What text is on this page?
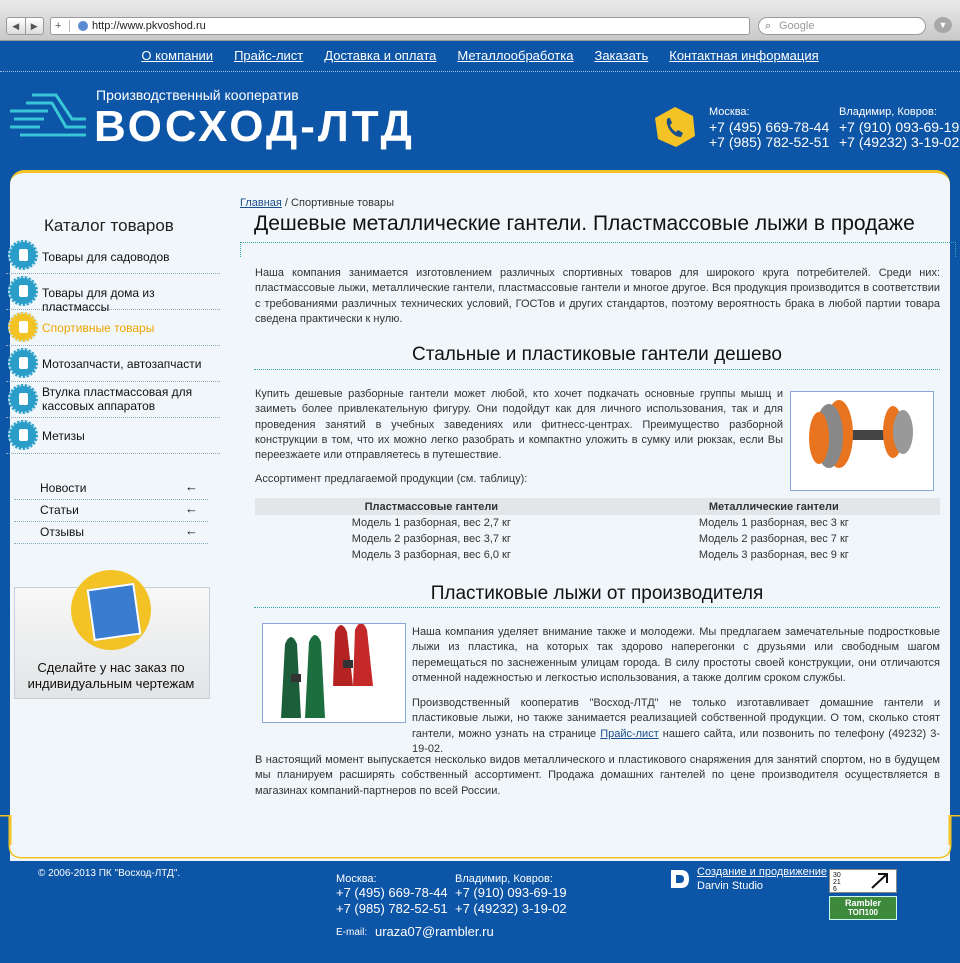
◀	▶	+	http://www.pkvoshod.ru	⌕ Google	▼
О компании Прайс-лист Доставка и оплата Металлообработка Заказать Контактная информация
Производственный кооператив
ВОСХОД-ЛТД	Москва:
+7 (495) 669-78-44
+7 (985) 782-52-51
Владимир, Ковров:
+7 (910) 093-69-19
+7 (49232) 3-19-02
Каталог товаров
Товары для садоводов
Товары для дома из пластмассы
Спортивные товары
Мотозапчасти, автозапчасти
Втулка пластмассовая для кассовых аппаратов
Метизы
Новости	←
Статьи	←
Отзывы	←
Сделайте у нас заказ по индивидуальным чертежам
Главная / Спортивные товары
Дешевые металлические гантели. Пластмассовые лыжи в продаже
Наша компания занимается изготовлением различных спортивных товаров для широкого круга потребителей. Среди них: пластмассовые лыжи, металлические гантели, пластмассовые гантели и многое другое. Вся продукция производится в соответствии с требованиями различных технических условий, ГОСТов и других стандартов, поэтому вероятность брака в любой партии товара сведена практически к нулю.
Стальные и пластиковые гантели дешево
Купить дешевые разборные гантели может любой, кто хочет подкачать основные группы мышц и заиметь более привлекательную фигуру. Они подойдут как для личного использования, так и для проведения занятий в учебных заведениях или фитнесс-центрах. Преимущество разборной конструкции в том, что их можно легко разобрать и компактно уложить в сумку или рюкзак, если Вы переезжаете или отправляетесь в путешествие.
Ассортимент предлагаемой продукции (см. таблицу):
Пластмассовые гантели	Металлические гантели
Модель 1 разборная, вес 2,7 кг	Модель 1 разборная, вес 3 кг
Модель 2 разборная, вес 3,7 кг	Модель 2 разборная, вес 7 кг
Модель 3 разборная, вес 6,0 кг	Модель 3 разборная, вес 9 кг
Пластиковые лыжи от производителя
Наша компания уделяет внимание также и молодежи. Мы предлагаем замечательные подростковые лыжи из пластика, на которых так здорово наперегонки с друзьями или свободным шагом перемещаться по заснеженным улицам города. В силу простоты своей конструкции, они отличаются отменной надежностью и легкостью использования, а также долгим сроком службы.
Производственный кооператив "Восход-ЛТД" не только изготавливает домашние гантели и пластиковые лыжи, но также занимается реализацией собственной продукции. О том, сколько стоят гантели, можно узнать на странице Прайс-лист нашего сайта, или позвонить по телефону (49232) 3-19-02.
В настоящий момент выпускается несколько видов металлического и пластикового снаряжения для занятий спортом, но в будущем мы планируем расширять собственный ассортимент. Продажа домашних гантелей по цене производителя осуществляется в магазинах компаний-партнеров по всей России.
© 2006-2013 ПК "Восход-ЛТД".	Москва:
+7 (495) 669-78-44
+7 (985) 782-52-51
Владимир, Ковров:
+7 (910) 093-69-19
+7 (49232) 3-19-02
E-mail: uraza07@rambler.ru
Создание и продвижение
Darvin Studio
30 21 6
Rambler
ТОП100
